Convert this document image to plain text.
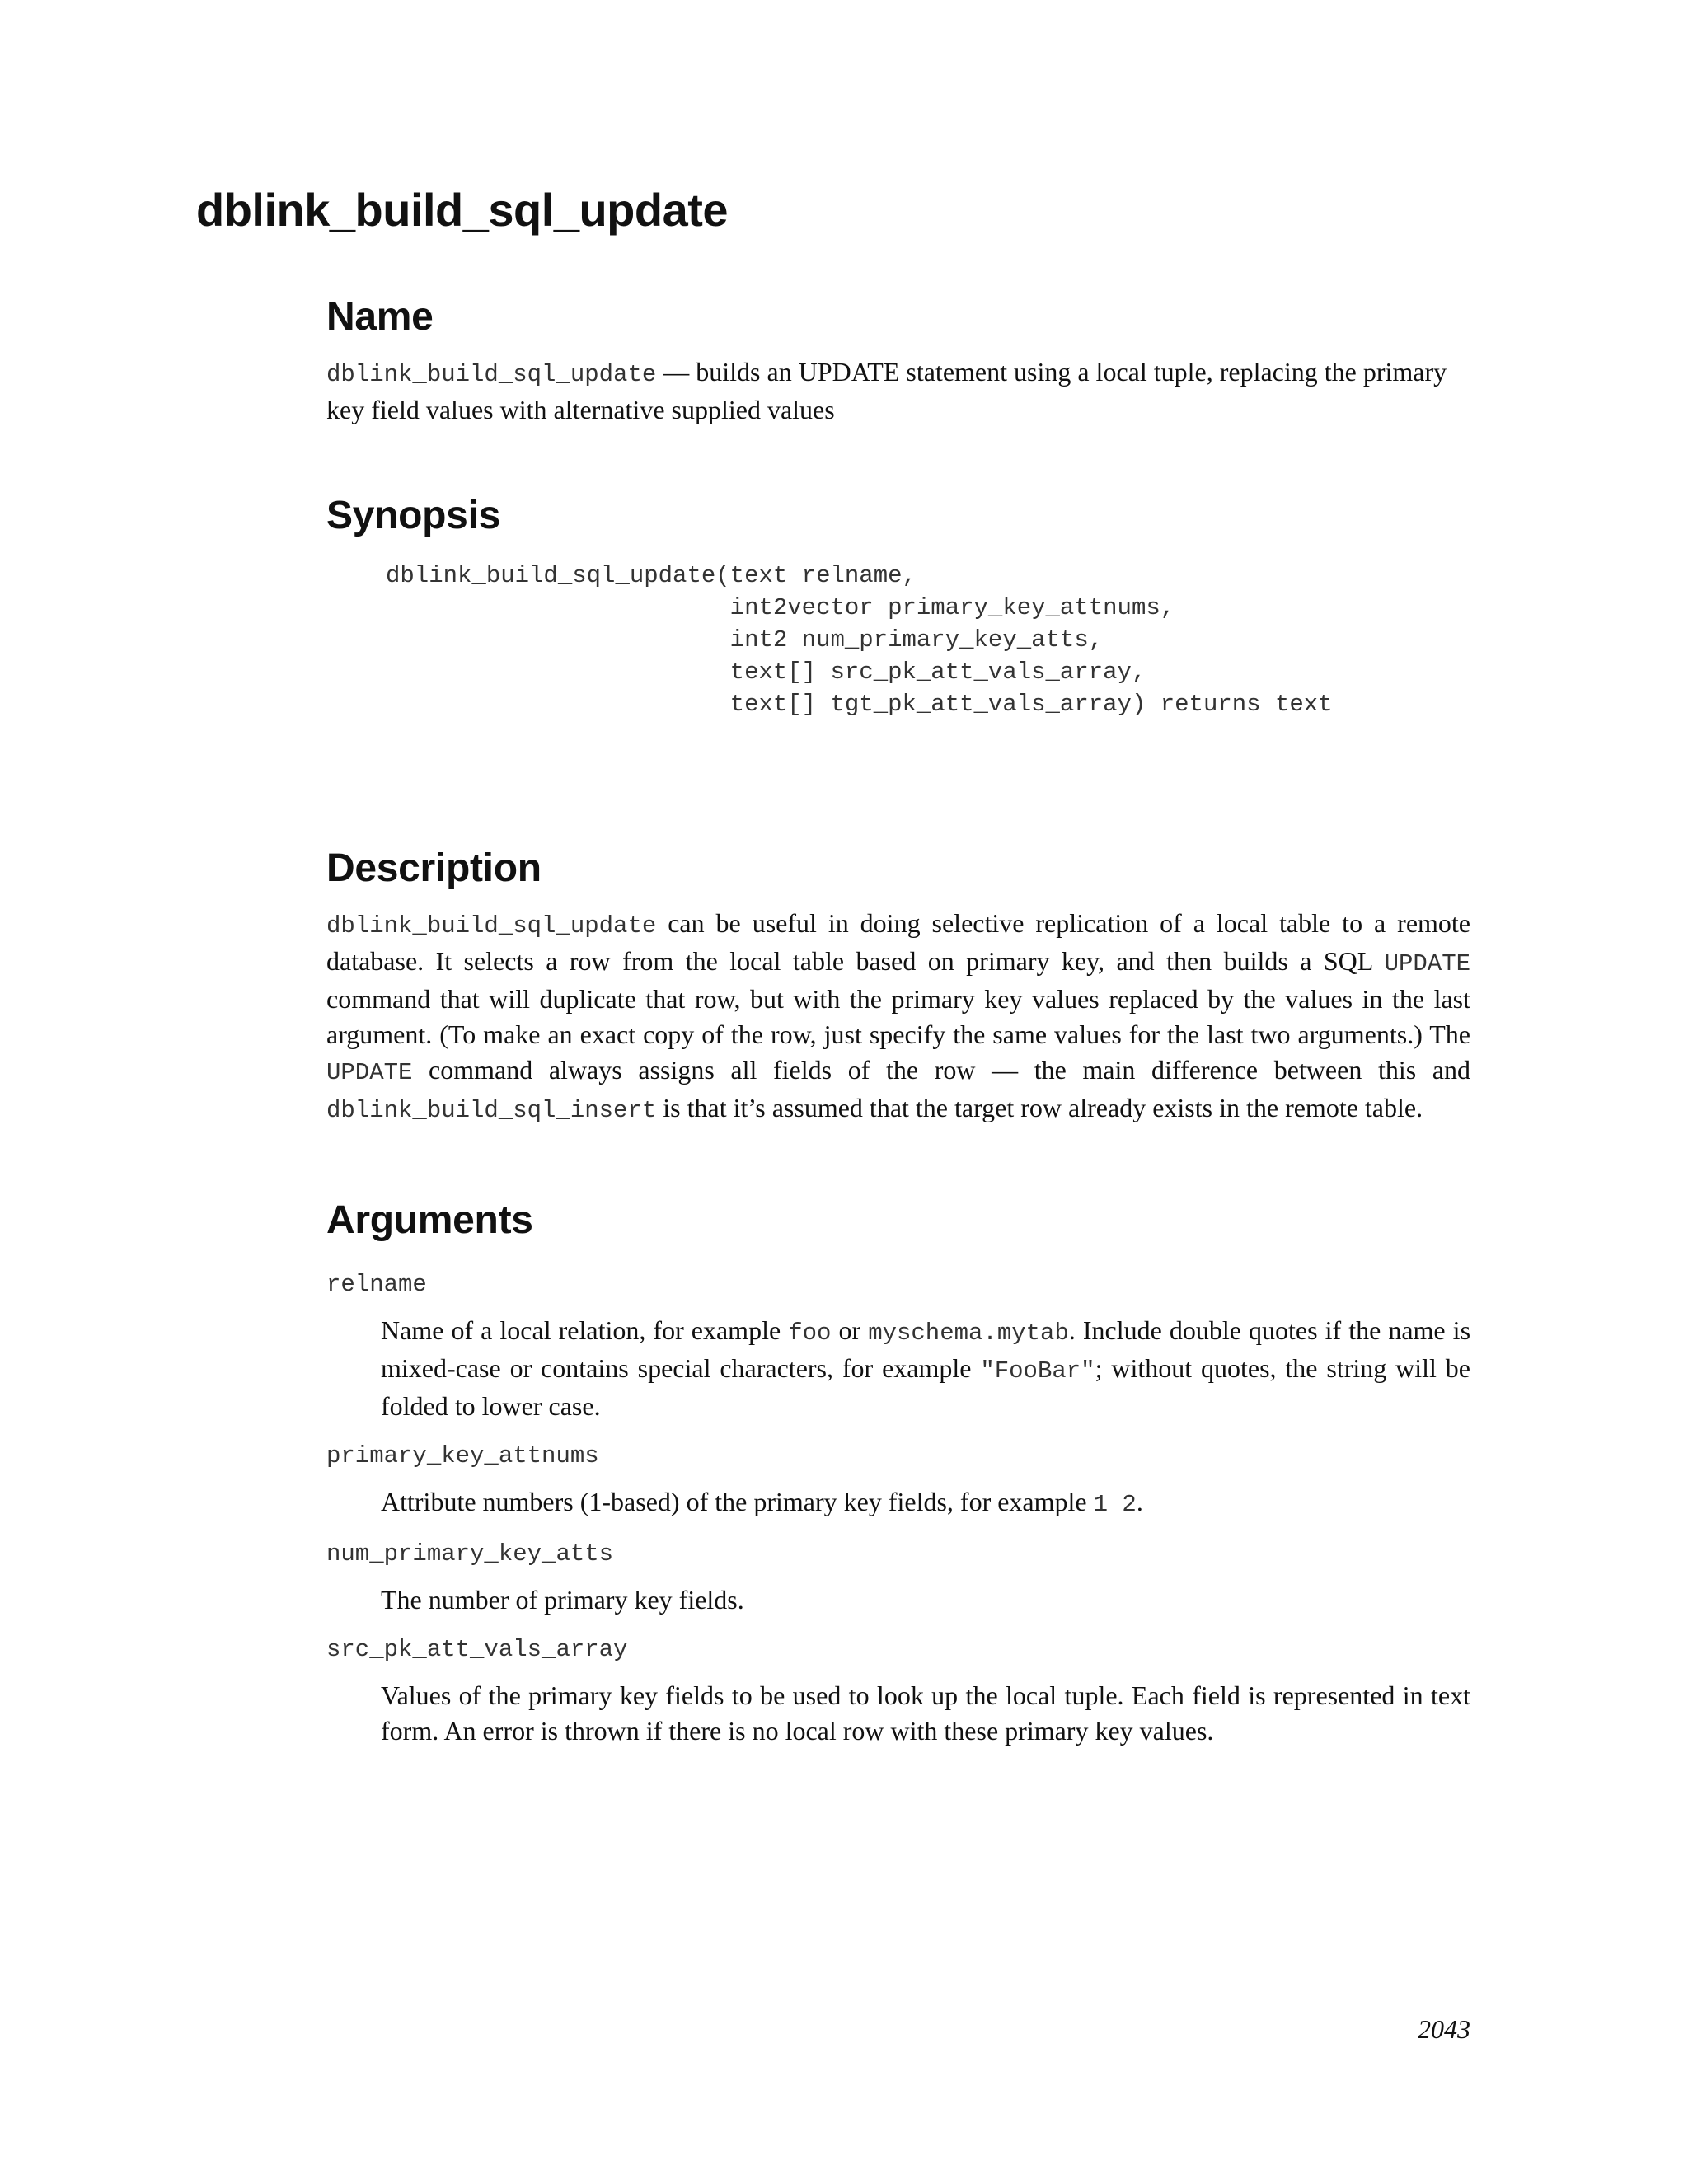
dblink_build_sql_update
Name

dblink_build_sql_update — builds an UPDATE statement using a local tuple, replacing the primary key field values with alternative supplied values

Synopsis
dblink_build_sql_update(text relname,
int2vector primary_key_attnums,
int2 num_primary_key_atts,
text[] src_pk_att_vals_array,
text[] tgt_pk_att_vals_array) returns text
Description

dblink_build_sql_update can be useful in doing selective replication of a local table to a remote database. It selects a row from the local table based on primary key, and then builds a SQL UPDATE command that will duplicate that row, but with the primary key values replaced by the values in the last argument. (To make an exact copy of the row, just specify the same values for the last two arguments.) The UPDATE command always assigns all fields of the row — the main difference between this and dblink_build_sql_insert is that it’s assumed that the target row already exists in the remote table.

Arguments

relname

Name of a local relation, for example foo or myschema.mytab. Include double quotes if the name is mixed-case or contains special characters, for example "FooBar"; without quotes, the string will be folded to lower case.

primary_key_attnums

Attribute numbers (1-based) of the primary key fields, for example 1 2.

num_primary_key_atts

The number of primary key fields.

src_pk_att_vals_array

Values of the primary key fields to be used to look up the local tuple. Each field is represented in text form. An error is thrown if there is no local row with these primary key values.

2043
